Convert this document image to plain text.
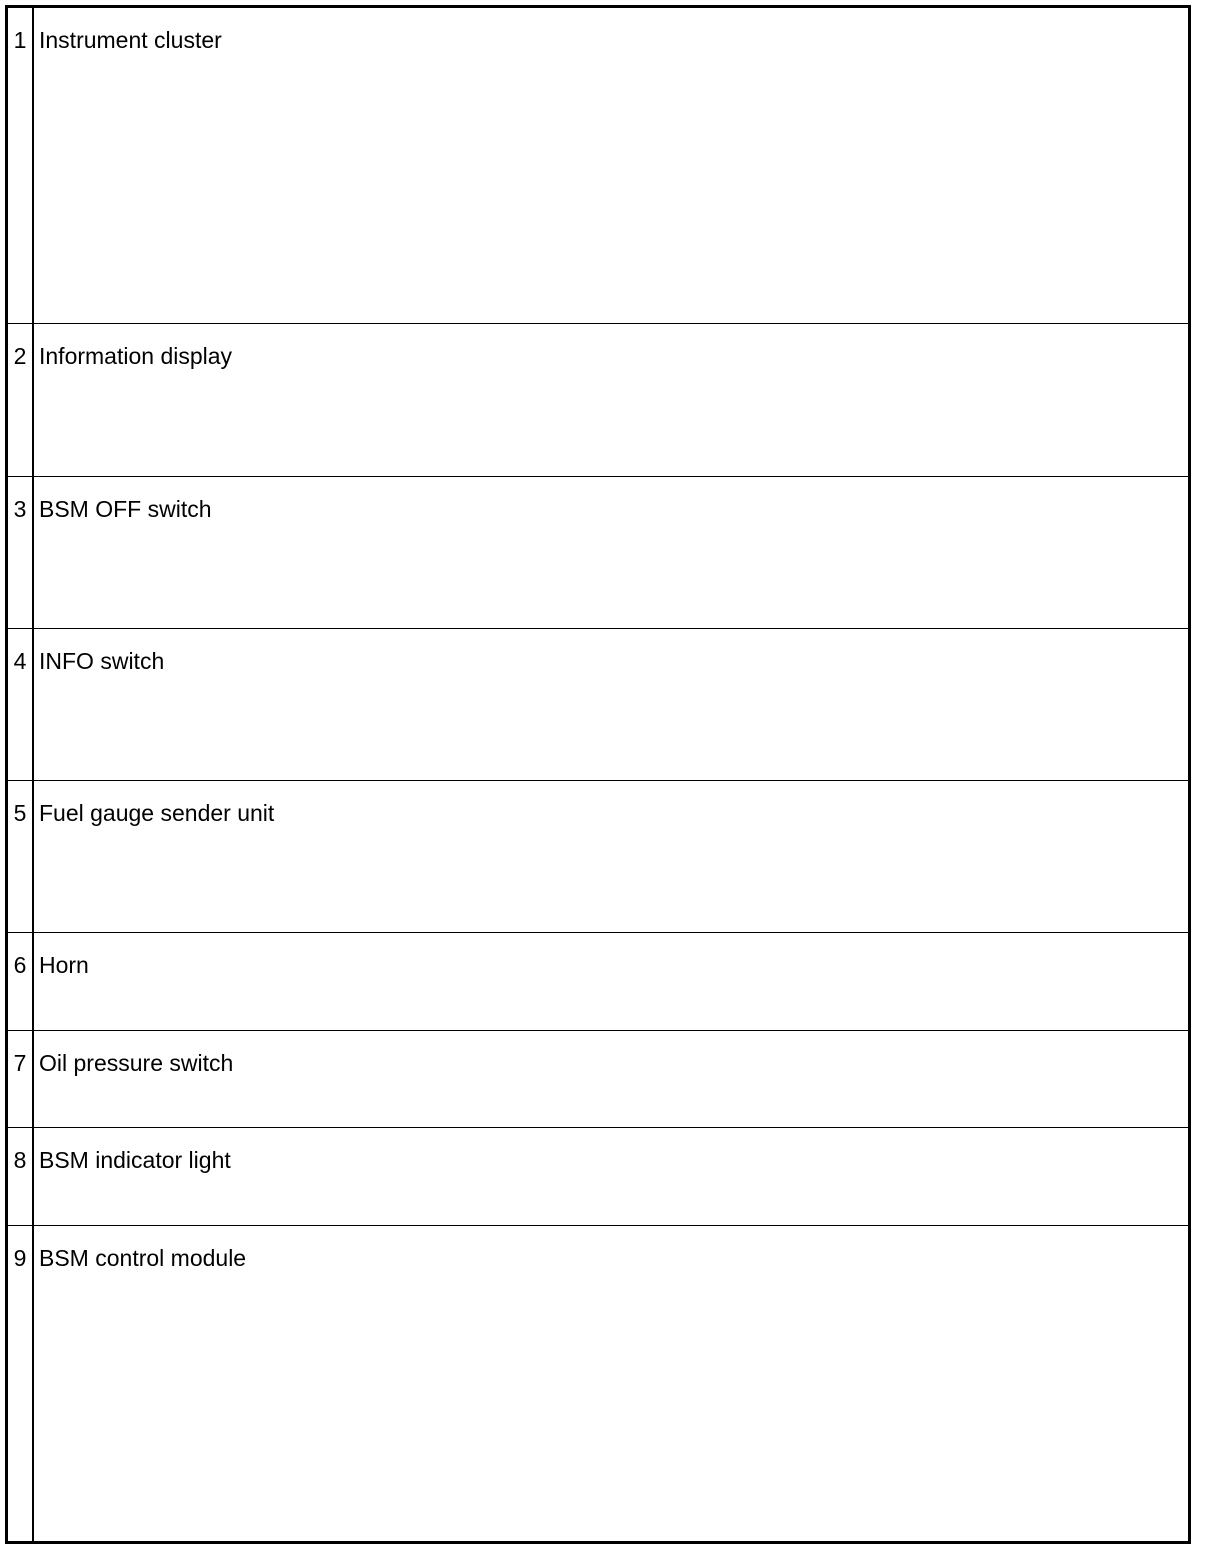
1	Instrument cluster

2	Information display

3	BSM OFF switch

4	INFO switch

5	Fuel gauge sender unit

6	Horn

7	Oil pressure switch

8	BSM indicator light

9	BSM control module
